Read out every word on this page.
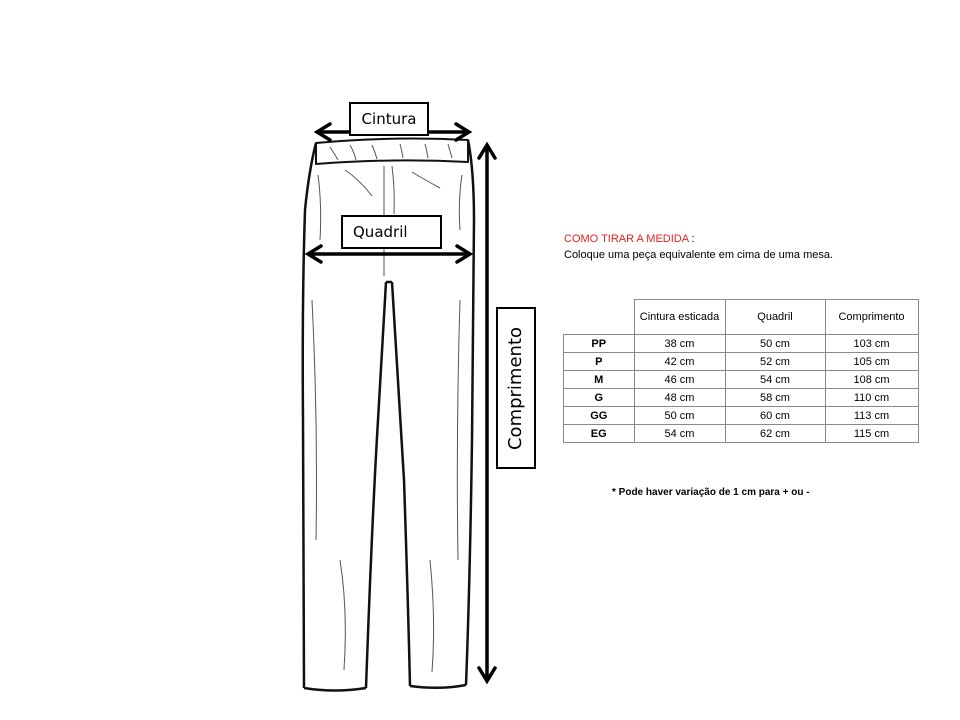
Cintura
Quadril
Comprimento
COMO TIRAR A MEDIDA :
Coloque uma peça equivalente em cima de uma mesa.
	Cintura esticada	Quadril	Comprimento
PP	38 cm	50 cm	103 cm
P	42 cm	52 cm	105 cm
M	46 cm	54 cm	108 cm
G	48 cm	58 cm	110 cm
GG	50 cm	60 cm	113 cm
EG	54 cm	62 cm	115 cm
* Pode haver variação de 1 cm para + ou -
